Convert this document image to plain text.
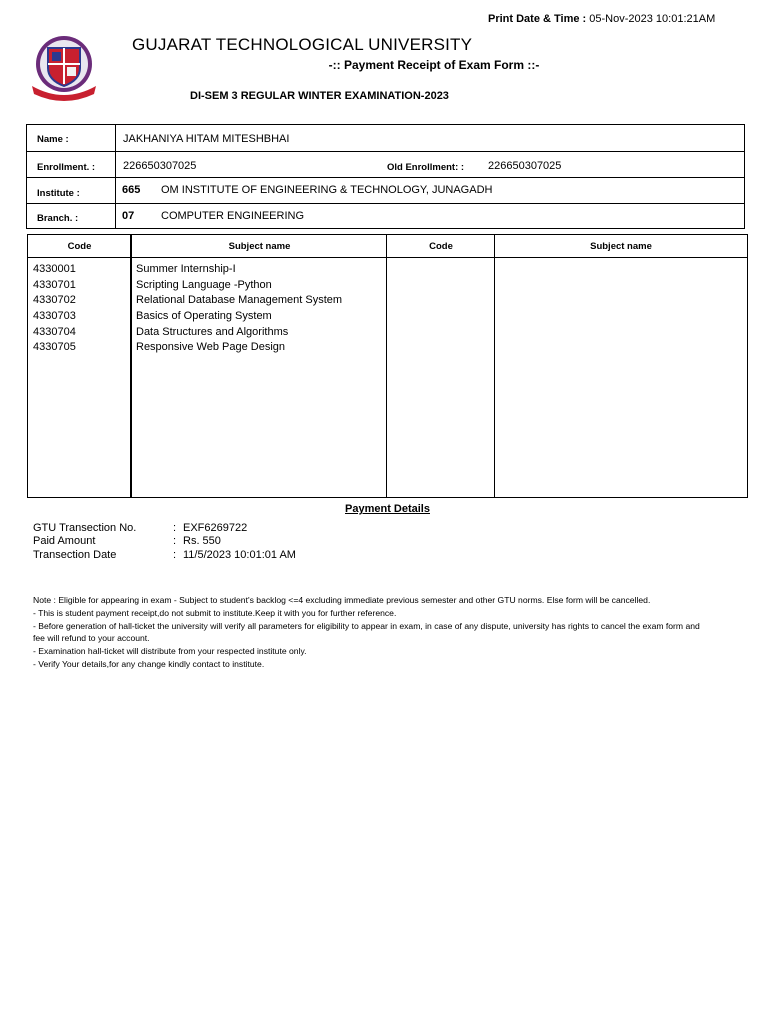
Print Date & Time : 05-Nov-2023 10:01:21AM
GUJARAT TECHNOLOGICAL UNIVERSITY
-:: Payment Receipt of Exam Form ::-
DI-SEM 3 REGULAR WINTER EXAMINATION-2023
Name :	JAKHANIYA HITAM MITESHBHAI
Enrollment. :	226650307025	Old Enrollment: : 226650307025
Institute :	665 OM INSTITUTE OF ENGINEERING & TECHNOLOGY, JUNAGADH
Branch. :	07 COMPUTER ENGINEERING
Code	Subject name	Code	Subject name
4330001	Summer Internship-I
4330701	Scripting Language -Python
4330702	Relational Database Management System
4330703	Basics of Operating System
4330704	Data Structures and Algorithms
4330705	Responsive Web Page Design
Payment Details
GTU Transection No.	: EXF6269722
Paid Amount	: Rs. 550
Transection Date	: 11/5/2023 10:01:01 AM

Note : Eligible for appearing in exam - Subject to student's backlog <=4 excluding immediate previous semester and other GTU norms. Else form will be cancelled.

- This is student payment receipt,do not submit to institute.Keep it with you for further reference.

- Before generation of hall-ticket the university will verify all parameters for eligibility to appear in exam, in case of any dispute, university has rights to cancel the exam form and fee will refund to your account.

- Examination hall-ticket will distribute from your respected institute only.

- Verify Your details,for any change kindly contact to institute.
